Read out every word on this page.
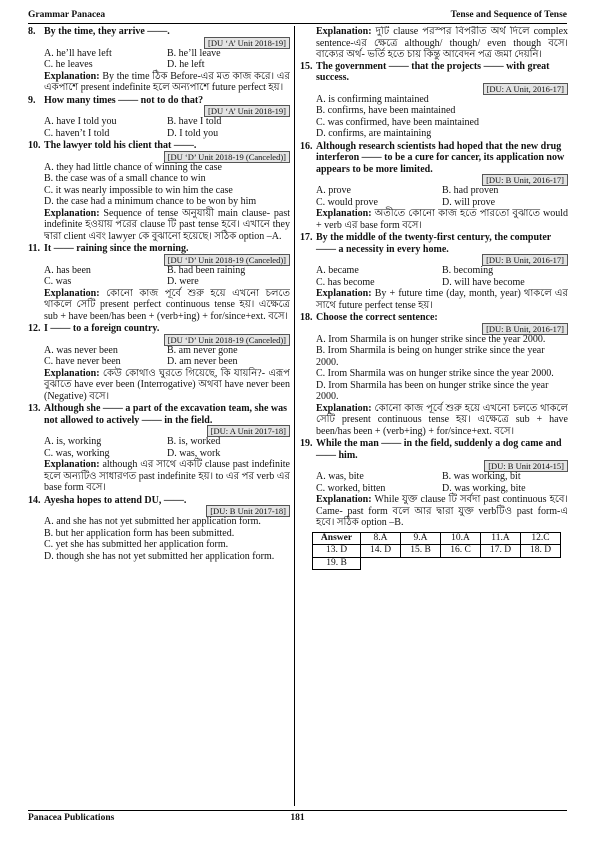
Grammar Panacea	Tense and Sequence of Tense
8. By the time, they arrive ——.
[DU ‘A’ Unit 2018-19]
A. he’ll have left	B. he’ll leave
C. he leaves	D. he left
Explanation: By the time ঠিক Before-এর মত কাজ করে। এর একপাশে present indefinite হলে অন্যপাশে future perfect হয়।
9. How many times —— not to do that?
[DU ‘A’ Unit 2018-19]
A. have I told you	B. have I told
C. haven’t I told	D. I told you
10. The lawyer told his client that ——.
[DU ‘D’ Unit 2018-19 (Canceled)]
A. they had little chance of winning the case
B. the case was of a small chance to win
C. it was nearly impossible to win him the case
D. the case had a minimum chance to be won by him
Explanation: Sequence of tense অনুযায়ী main clause- past indefinite হওয়ায় পরের clause টি past tense হবে। এখানে they দ্বারা client এবং lawyer কে বুঝানো হয়েছে। সঠিক option –A.
11. It —— raining since the morning.
[DU ‘D’ Unit 2018-19 (Canceled)]
A. has been	B. had been raining
C. was	D. were
Explanation: কোনো কাজ পূর্বে শুরু হয়ে এখনো চলতে থাকলে সেটি present perfect continuous tense হয়। এক্ষেত্রে sub + have been/has been + (verb+ing) + for/since+ext. বসে।
12. I —— to a foreign country.
[DU ‘D’ Unit 2018-19 (Canceled)]
A. was never been	B. am never gone
C. have never been	D. am never been
Explanation: কেউ কোথাও ঘুরতে গিয়েছে, কি যায়নি?- এরূপ বুঝাতে have ever been (Interrogative) অথবা have never been (Negative) বসে।
13. Although she —— a part of the excavation team, she was not allowed to actively —— in the field.
[DU: A Unit 2017-18]
A. is, working	B. is, worked
C. was, working	D. was, work
Explanation: although এর সাথে একটি clause past indefinite হলে অন্যটিও সাধারণত past indefinite হয়। to এর পর verb এর base form বসে।
14. Ayesha hopes to attend DU, ——.
[DU: B Unit 2017-18]
A. and she has not yet submitted her application form.
B. but her application form has been submitted.
C. yet she has submitted her application form.
D. though she has not yet submitted her application form.
Explanation: দুটি clause পরস্পর বিপরীত অর্থ দিলে complex sentence-এর ক্ষেত্রে although/ though/ even though বসে। বাক্যের অর্থ- ভর্তি হতে চায় কিন্তু আবেদন পত্র জমা দেয়নি।
15. The government —— that the projects —— with great success.
[DU: A Unit, 2016-17]
A. is confirming maintained
B. confirms, have been maintained
C. was confirmed, have been maintained
D. confirms, are maintaining
16. Although research scientists had hoped that the new drug interferon —— to be a cure for cancer, its application now appears to be more limited.
[DU: B Unit, 2016-17]
A. prove	B. had proven
C. would prove	D. will prove
Explanation: অতীতে কোনো কাজ হতে পারতো বুঝাতে would + verb এর base form বসে।
17. By the middle of the twenty-first century, the computer —— a necessity in every home.
[DU: B Unit, 2016-17]
A. became	B. becoming
C. has become	D. will have become
Explanation: By + future time (day, month, year) থাকলে এর সাথে future perfect tense হয়।
18. Choose the correct sentence:
[DU: B Unit, 2016-17]
A. Irom Sharmila is on hunger strike since the year 2000.
B. Irom Sharmila is being on hunger strike since the year 2000.
C. Irom Sharmila was on hunger strike since the year 2000.
D. Irom Sharmila has been on hunger strike since the year 2000.
Explanation: কোনো কাজ পূর্বে শুরু হয়ে এখনো চলতে থাকলে সেটি present continuous tense হয়। এক্ষেত্রে sub + have been/has been + (verb+ing) + for/since+ext. বসে।
19. While the man —— in the field, suddenly a dog came and —— him.
[DU: B Unit 2014-15]
A. was, bite	B. was working, bit
C. worked, bitten	D. was working, bite
Explanation: While যুক্ত clause টি সর্বদা past continuous হবে। Came- past form বলে আর দ্বারা যুক্ত verbটিও past form-এ হবে। সঠিক option –B.
Answer	8.A	9.A	10.A	11.A	12.C
13. D	14. D	15. B	16. C	17. D	18. D
19. B					
Panacea Publications	181
